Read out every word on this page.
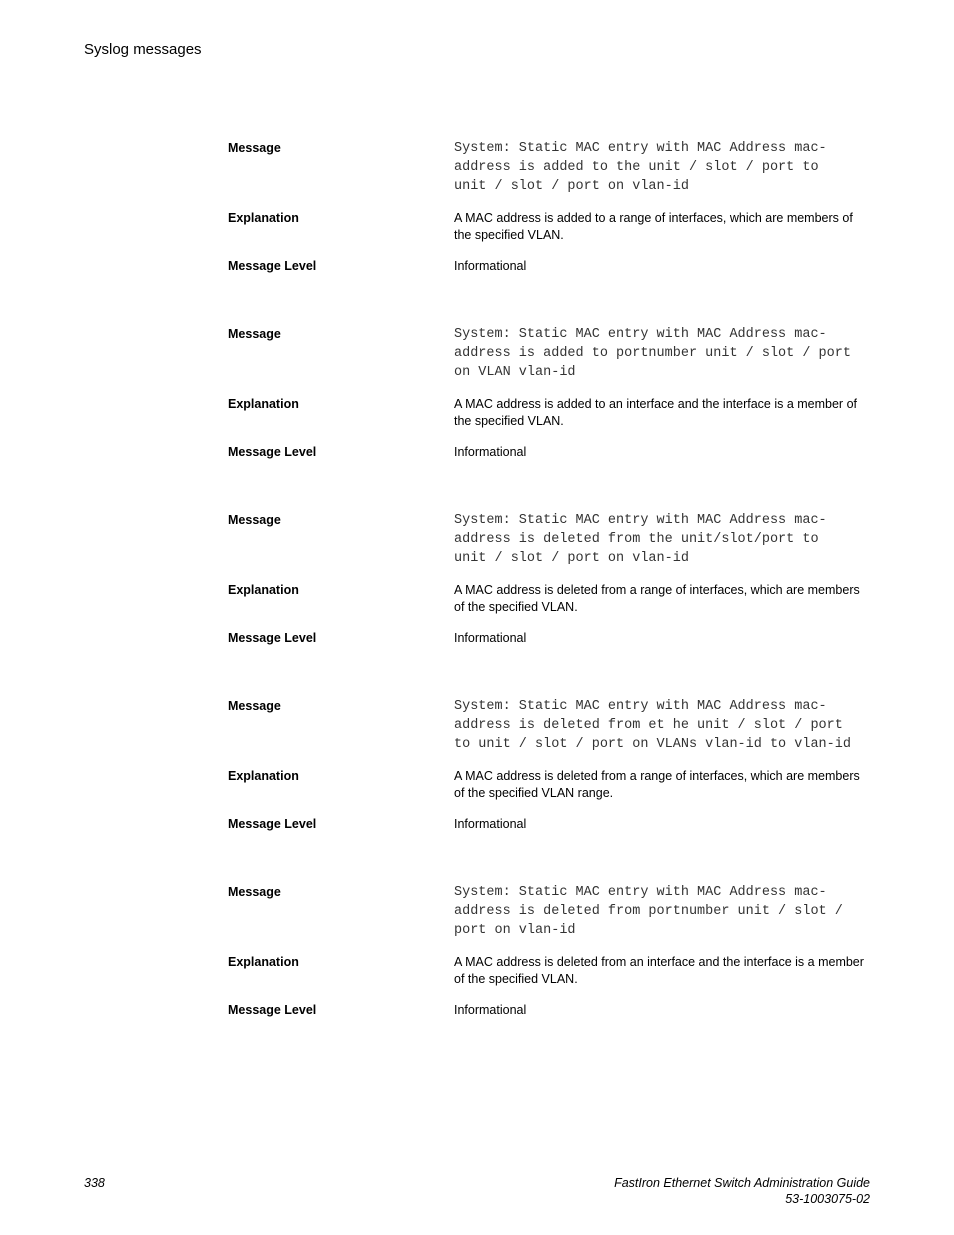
Syslog messages
Message	System: Static MAC entry with MAC Address mac-
address is added to the unit / slot / port to
unit / slot / port on vlan-id
Explanation	A MAC address is added to a range of interfaces, which are members of the specified VLAN.
Message Level	Informational
Message	System: Static MAC entry with MAC Address mac-
address is added to portnumber unit / slot / port
on VLAN vlan-id
Explanation	A MAC address is added to an interface and the interface is a member of the specified VLAN.
Message Level	Informational
Message	System: Static MAC entry with MAC Address mac-
address is deleted from the unit/slot/port to
unit / slot / port on vlan-id
Explanation	A MAC address is deleted from a range of interfaces, which are members of the specified VLAN.
Message Level	Informational
Message	System: Static MAC entry with MAC Address mac-
address is deleted from et he unit / slot / port
to unit / slot / port on VLANs vlan-id to vlan-id
Explanation	A MAC address is deleted from a range of interfaces, which are members of the specified VLAN range.
Message Level	Informational
Message	System: Static MAC entry with MAC Address mac-
address is deleted from portnumber unit / slot /
port on vlan-id
Explanation	A MAC address is deleted from an interface and the interface is a member of the specified VLAN.
Message Level	Informational
338	FastIron Ethernet Switch Administration Guide
53-1003075-02
